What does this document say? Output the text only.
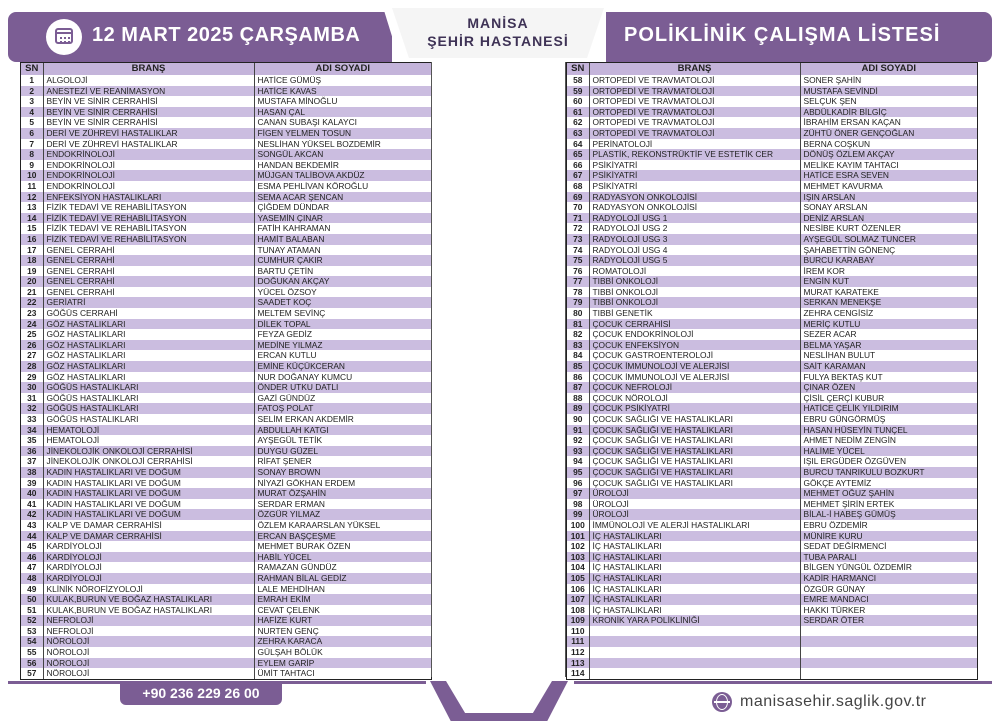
12 MART 2025 ÇARŞAMBA
MANİSA
ŞEHİR HASTANESİ	POLİKLİNİK ÇALIŞMA LİSTESİ
SN	BRANŞ	ADI SOYADI
1	ALGOLOJİ	HATİCE GÜMÜŞ
2	ANESTEZİ VE REANİMASYON	HATİCE KAVAS
3	BEYİN VE SİNİR CERRAHİSİ	MUSTAFA MİNOĞLU
4	BEYİN VE SİNİR CERRAHİSİ	HASAN ÇAL
5	BEYİN VE SİNİR CERRAHİSİ	CANAN SUBAŞI KALAYCI
6	DERİ VE ZÜHREVİ HASTALIKLAR	FİGEN YELMEN TOSUN
7	DERİ VE ZÜHREVİ HASTALIKLAR	NESLİHAN YÜKSEL BOZDEMİR
8	ENDOKRİNOLOJİ	SONGÜL AKCAN
9	ENDOKRİNOLOJİ	HANDAN BEKDEMİR
10	ENDOKRİNOLOJİ	MÜJGAN TALİBOVA AKDÜZ
11	ENDOKRİNOLOJİ	ESMA PEHLİVAN KÖROĞLU
12	ENFEKSİYON HASTALIKLARI	SEMA ACAR ŞENCAN
13	FİZİK TEDAVİ VE REHABİLİTASYON	ÇİĞDEM DÜNDAR
14	FİZİK TEDAVİ VE REHABİLİTASYON	YASEMİN ÇINAR
15	FİZİK TEDAVİ VE REHABİLİTASYON	FATİH KAHRAMAN
16	FİZİK TEDAVİ VE REHABİLİTASYON	HAMİT BALABAN
17	GENEL CERRAHİ	TUNAY ATAMAN
18	GENEL CERRAHİ	CUMHUR ÇAKIR
19	GENEL CERRAHİ	BARTU ÇETİN
20	GENEL CERRAHİ	DOĞUKAN AKÇAY
21	GENEL CERRAHİ	YÜCEL ÖZSOY
22	GERİATRİ	SAADET KOÇ
23	GÖĞÜS CERRAHİ	MELTEM SEVİNÇ
24	GÖZ HASTALIKLARI	DİLEK TOPAL
25	GÖZ HASTALIKLARI	FEYZA GEDİZ
26	GÖZ HASTALIKLARI	MEDİNE YILMAZ
27	GÖZ HASTALIKLARI	ERCAN KUTLU
28	GÖZ HASTALIKLARI	EMİNE KÜÇÜKCERAN
29	GÖZ HASTALIKLARI	NUR DOĞANAY KUMCU
30	GÖĞÜS HASTALIKLARI	ÖNDER UTKU DATLI
31	GÖĞÜS HASTALIKLARI	GAZİ GÜNDÜZ
32	GÖĞÜS HASTALIKLARI	FATOŞ POLAT
33	GÖĞÜS HASTALIKLARI	SELİM ERKAN AKDEMİR
34	HEMATOLOJİ	ABDULLAH KATGI
35	HEMATOLOJİ	AYŞEGÜL TETİK
36	JİNEKOLOJİK ONKOLOJİ CERRAHİSİ	DUYGU GÜZEL
37	JİNEKOLOJİK ONKOLOJİ CERRAHİSİ	RİFAT ŞENER
38	KADIN HASTALIKLARI VE DOĞUM	SONAY BROWN
39	KADIN HASTALIKLARI VE DOĞUM	NİYAZİ GÖKHAN ERDEM
40	KADIN HASTALIKLARI VE DOĞUM	MURAT ÖZŞAHİN
41	KADIN HASTALIKLARI VE DOĞUM	SERDAR ERMAN
42	KADIN HASTALIKLARI VE DOĞUM	ÖZGÜR YILMAZ
43	KALP VE DAMAR CERRAHİSİ	ÖZLEM KARAARSLAN YÜKSEL
44	KALP VE DAMAR CERRAHİSİ	ERCAN BAŞÇEŞME
45	KARDİYOLOJİ	MEHMET BURAK ÖZEN
46	KARDİYOLOJİ	HABİL YÜCEL
47	KARDİYOLOJİ	RAMAZAN GÜNDÜZ
48	KARDİYOLOJİ	RAHMAN BİLAL GEDİZ
49	KLİNİK NÖROFİZYOLOJİ	LALE MEHDİHAN
50	KULAK,BURUN VE BOĞAZ HASTALIKLARI	EMRAH EKİM
51	KULAK,BURUN VE BOĞAZ HASTALIKLARI	CEVAT ÇELENK
52	NEFROLOJİ	HAFİZE KURT
53	NEFROLOJİ	NURTEN GENÇ
54	NÖROLOJİ	ZEHRA KARACA
55	NÖROLOJİ	GÜLŞAH BÖLÜK
56	NÖROLOJİ	EYLEM GARİP
57	NÖROLOJİ	ÜMİT TAHTACI
SN	BRANŞ	ADI SOYADI
58	ORTOPEDİ VE TRAVMATOLOJİ	SONER ŞAHİN
59	ORTOPEDİ VE TRAVMATOLOJİ	MUSTAFA SEVİNDİ
60	ORTOPEDİ VE TRAVMATOLOJİ	SELÇUK ŞEN
61	ORTOPEDİ VE TRAVMATOLOJİ	ABDÜLKADİR BİLGİÇ
62	ORTOPEDİ VE TRAVMATOLOJİ	İBRAHİM ERSAN KAÇAN
63	ORTOPEDİ VE TRAVMATOLOJİ	ZÜHTÜ ÖNER GENÇOĞLAN
64	PERİNATOLOJİ	BERNA COŞKUN
65	PLASTİK, REKONSTRÜKTİF VE ESTETİK CER	DÖNÜŞ ÖZLEM AKÇAY
66	PSİKİYATRİ	MELİKE KAYIM TAHTACI
67	PSİKİYATRİ	HATİCE ESRA SEVEN
68	PSİKİYATRİ	MEHMET KAVURMA
69	RADYASYON ONKOLOJİSİ	IŞIN ARSLAN
70	RADYASYON ONKOLOJİSİ	SONAY ARSLAN
71	RADYOLOJİ USG 1	DENİZ ARSLAN
72	RADYOLOJİ USG 2	NESİBE KURT ÖZENLER
73	RADYOLOJİ USG 3	AYŞEGÜL SOLMAZ TUNCER
74	RADYOLOJİ USG 4	ŞAHABETTİN GÖNENÇ
75	RADYOLOJİ USG 5	BURCU KARABAY
76	ROMATOLOJİ	İREM KOR
77	TIBBİ ONKOLOJİ	ENGİN KUT
78	TIBBİ ONKOLOJİ	MURAT KARATEKE
79	TIBBİ ONKOLOJİ	SERKAN MENEKŞE
80	TIBBİ GENETİK	ZEHRA CENGİSİZ
81	ÇOCUK CERRAHİSİ	MERİÇ KUTLU
82	ÇOCUK ENDOKRİNOLOJİ	SEZER ACAR
83	ÇOCUK ENFEKSİYON	BELMA YAŞAR
84	ÇOCUK GASTROENTEROLOJİ	NESLİHAN BULUT
85	ÇOCUK İMMUNOLOJİ VE ALERJİSİ	SAİT KARAMAN
86	ÇOCUK İMMUNOLOJİ VE ALERJİSİ	FULYA BEKTAŞ KUT
87	ÇOCUK NEFROLOJİ	ÇINAR ÖZEN
88	ÇOCUK NÖROLOJİ	ÇİSİL ÇERÇİ KUBUR
89	ÇOCUK PSİKİYATRİ	HATİCE ÇELİK YILDIRIM
90	ÇOCUK SAĞLIĞI VE HASTALIKLARI	EBRU GÜNGÖRMÜŞ
91	ÇOCUK SAĞLIĞI VE HASTALIKLARI	HASAN HÜSEYİN TUNÇEL
92	ÇOCUK SAĞLIĞI VE HASTALIKLARI	AHMET NEDİM ZENGİN
93	ÇOCUK SAĞLIĞI VE HASTALIKLARI	HALİME YÜCEL
94	ÇOCUK SAĞLIĞI VE HASTALIKLARI	IŞIL ERGÜDER ÖZGÜVEN
95	ÇOCUK SAĞLIĞI VE HASTALIKLARI	BURCU TANRIKULU BOZKURT
96	ÇOCUK SAĞLIĞI VE HASTALIKLARI	GÖKÇE AYTEMİZ
97	ÜROLOJİ	MEHMET OĞUZ ŞAHİN
98	ÜROLOJİ	MEHMET ŞİRİN ERTEK
99	ÜROLOJİ	BİLAL-İ HABEŞ GÜMÜŞ
100	İMMÜNOLOJİ VE ALERJİ HASTALIKLARI	EBRU ÖZDEMİR
101	İÇ HASTALIKLARI	MÜNİRE KURU
102	İÇ HASTALIKLARI	SEDAT DEĞİRMENCİ
103	İÇ HASTALIKLARI	TUBA PARALI
104	İÇ HASTALIKLARI	BİLGEN YÜNGÜL ÖZDEMİR
105	İÇ HASTALIKLARI	KADİR HARMANCI
106	İÇ HASTALIKLARI	ÖZGÜR GÜNAY
107	İÇ HASTALIKLARI	EMRE MANDACI
108	İÇ HASTALIKLARI	HAKKI TÜRKER
109	KRONİK YARA POLİKLİNİĞİ	SERDAR ÖTER
110		
111		
112		
113		
114		
+90 236 229 26 00	manisasehir.saglik.gov.tr
